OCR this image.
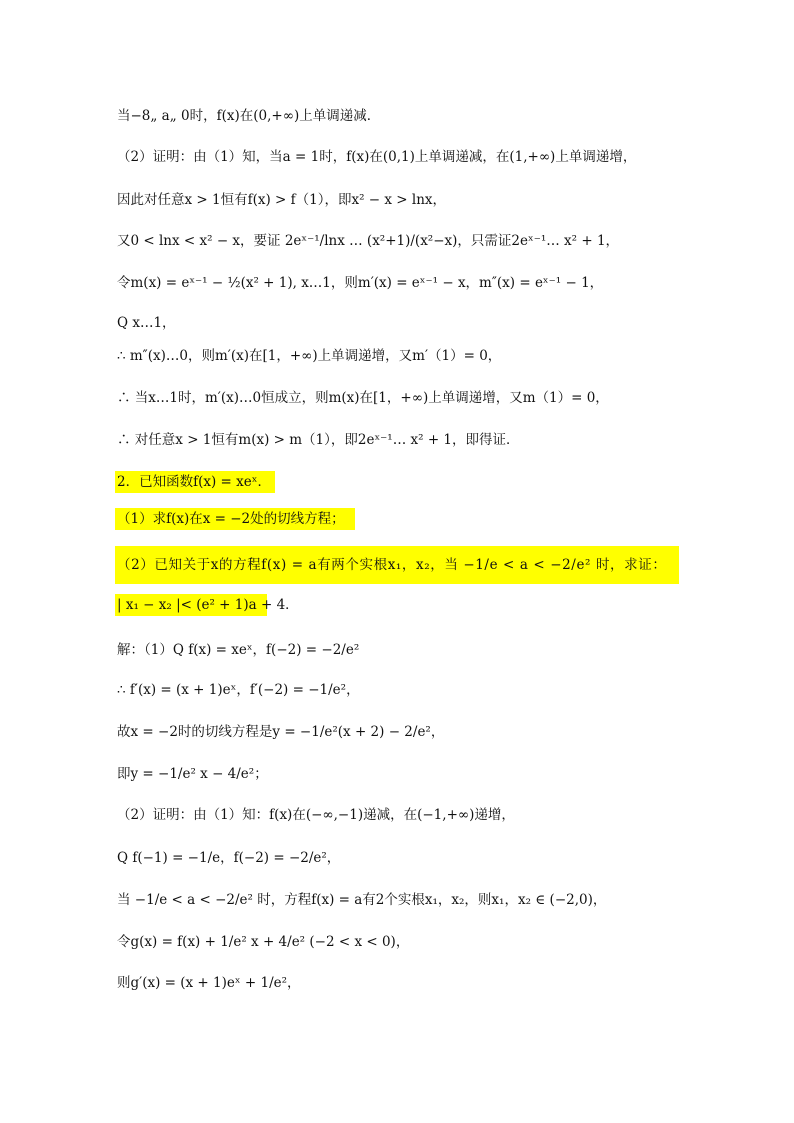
当−8„ a„ 0时，f(x)在(0,+∞)上单调递减．
（2）证明：由（1）知，当a = 1时，f(x)在(0,1)上单调递减，在(1,+∞)上单调递增，
因此对任意x > 1恒有f(x) > f（1），即x² − x > lnx，
又0 < lnx < x² − x，要证 2eˣ⁻¹/lnx … (x²+1)/(x²−x)，只需证2eˣ⁻¹… x² + 1，
令m(x) = eˣ⁻¹ − ½(x² + 1), x…1，则m′(x) = eˣ⁻¹ − x，m″(x) = eˣ⁻¹ − 1，
Q x…1，
∴ m″(x)…0，则m′(x)在[1，+∞)上单调递增，又m′（1）= 0，
∴ 当x…1时，m′(x)…0恒成立，则m(x)在[1，+∞)上单调递增，又m（1）= 0，
∴ 对任意x > 1恒有m(x) > m（1），即2eˣ⁻¹… x² + 1，即得证．
2．已知函数f(x) = xeˣ．
（1）求f(x)在x = −2处的切线方程；
（2）已知关于x的方程f(x) = a有两个实根x₁，x₂，当 −1/e < a < −2/e² 时，求证：
| x₁ − x₂ |< (e² + 1)a + 4．
解：（1）Q f(x) = xeˣ，f(−2) = −2/e²
∴ f′(x) = (x + 1)eˣ，f′(−2) = −1/e²，
故x = −2时的切线方程是y = −1/e²(x + 2) − 2/e²，
即y = −1/e² x − 4/e²；
（2）证明：由（1）知：f(x)在(−∞,−1)递减，在(−1,+∞)递增，
Q f(−1) = −1/e，f(−2) = −2/e²，
当 −1/e < a < −2/e² 时，方程f(x) = a有2个实根x₁，x₂，则x₁，x₂ ∈ (−2,0)，
令g(x) = f(x) + 1/e² x + 4/e² (−2 < x < 0)，
则g′(x) = (x + 1)eˣ + 1/e²，
